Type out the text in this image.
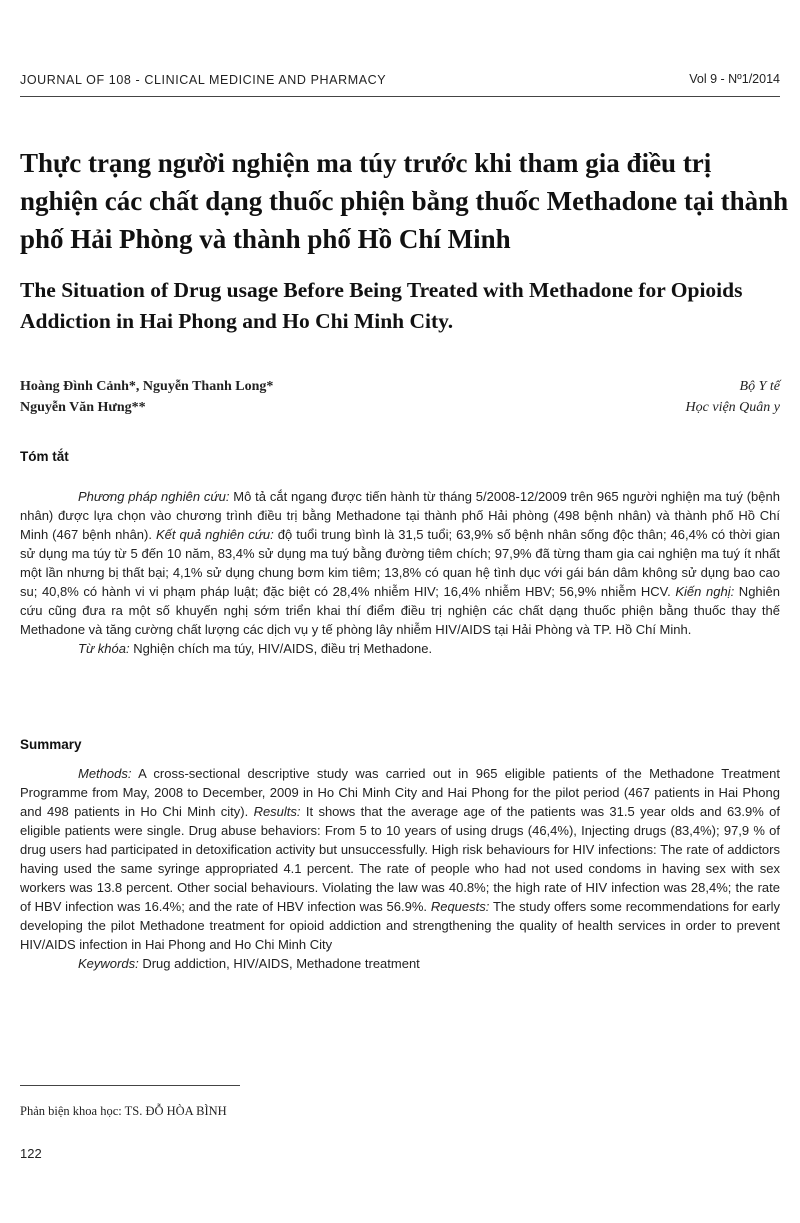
JOURNAL OF 108 - CLINICAL MEDICINE AND PHARMACY	Vol 9 - Nº1/2014
Thực trạng người nghiện ma túy trước khi tham gia điều trị nghiện các chất dạng thuốc phiện bằng thuốc Methadone tại thành phố Hải Phòng và thành phố Hồ Chí Minh
The Situation of Drug usage Before Being Treated with Methadone for Opioids Addiction in Hai Phong and Ho Chi Minh City.
Hoàng Đình Cảnh*, Nguyễn Thanh Long*
Nguyễn Văn Hưng**
Bộ Y tế
Học viện Quân y
Tóm tắt

Phương pháp nghiên cứu: Mô tả cắt ngang được tiến hành từ tháng 5/2008-12/2009 trên 965 người nghiện ma tuý (bệnh nhân) được lựa chọn vào chương trình điều trị bằng Methadone tại thành phố Hải phòng (498 bệnh nhân) và thành phố Hồ Chí Minh (467 bệnh nhân). Kết quả nghiên cứu: độ tuổi trung bình là 31,5 tuổi; 63,9% số bệnh nhân sống độc thân; 46,4% có thời gian sử dụng ma túy từ 5 đến 10 năm, 83,4% sử dụng ma tuý bằng đường tiêm chích; 97,9% đã từng tham gia cai nghiện ma tuý ít nhất một lần nhưng bị thất bại; 4,1% sử dụng chung bơm kim tiêm; 13,8% có quan hệ tình dục với gái bán dâm không sử dụng bao cao su; 40,8% có hành vi vi phạm pháp luật; đặc biệt có 28,4% nhiễm HIV; 16,4% nhiễm HBV; 56,9% nhiễm HCV. Kiến nghị: Nghiên cứu cũng đưa ra một số khuyến nghị sớm triển khai thí điểm điều trị nghiện các chất dạng thuốc phiện bằng thuốc thay thế Methadone và tăng cường chất lượng các dịch vụ y tế phòng lây nhiễm HIV/AIDS tại Hải Phòng và TP. Hồ Chí Minh.

Từ khóa: Nghiện chích ma túy, HIV/AIDS, điều trị Methadone.

Summary

Methods: A cross-sectional descriptive study was carried out in 965 eligible patients of the Methadone Treatment Programme from May, 2008 to December, 2009 in Ho Chi Minh City and Hai Phong for the pilot period (467 patients in Hai Phong and 498 patients in Ho Chi Minh city). Results: It shows that the average age of the patients was 31.5 year olds and 63.9% of eligible patients were single. Drug abuse behaviors: From 5 to 10 years of using drugs (46,4%), Injecting drugs (83,4%); 97,9 % of drug users had participated in detoxification activity but unsuccessfully. High risk behaviours for HIV infections: The rate of addictors having used the same syringe appropriated 4.1 percent. The rate of people who had not used condoms in having sex with sex workers was 13.8 percent. Other social behaviours. Violating the law was 40.8%; the high rate of HIV infection was 28,4%; the rate of HBV infection was 16.4%; and the rate of HBV infection was 56.9%. Requests: The study offers some recommendations for early developing the pilot Methadone treatment for opioid addiction and strengthening the quality of health services in order to prevent HIV/AIDS infection in Hai Phong and Ho Chi Minh City

Keywords: Drug addiction, HIV/AIDS, Methadone treatment

Phản biện khoa học: TS. ĐỖ HÒA BÌNH
122
